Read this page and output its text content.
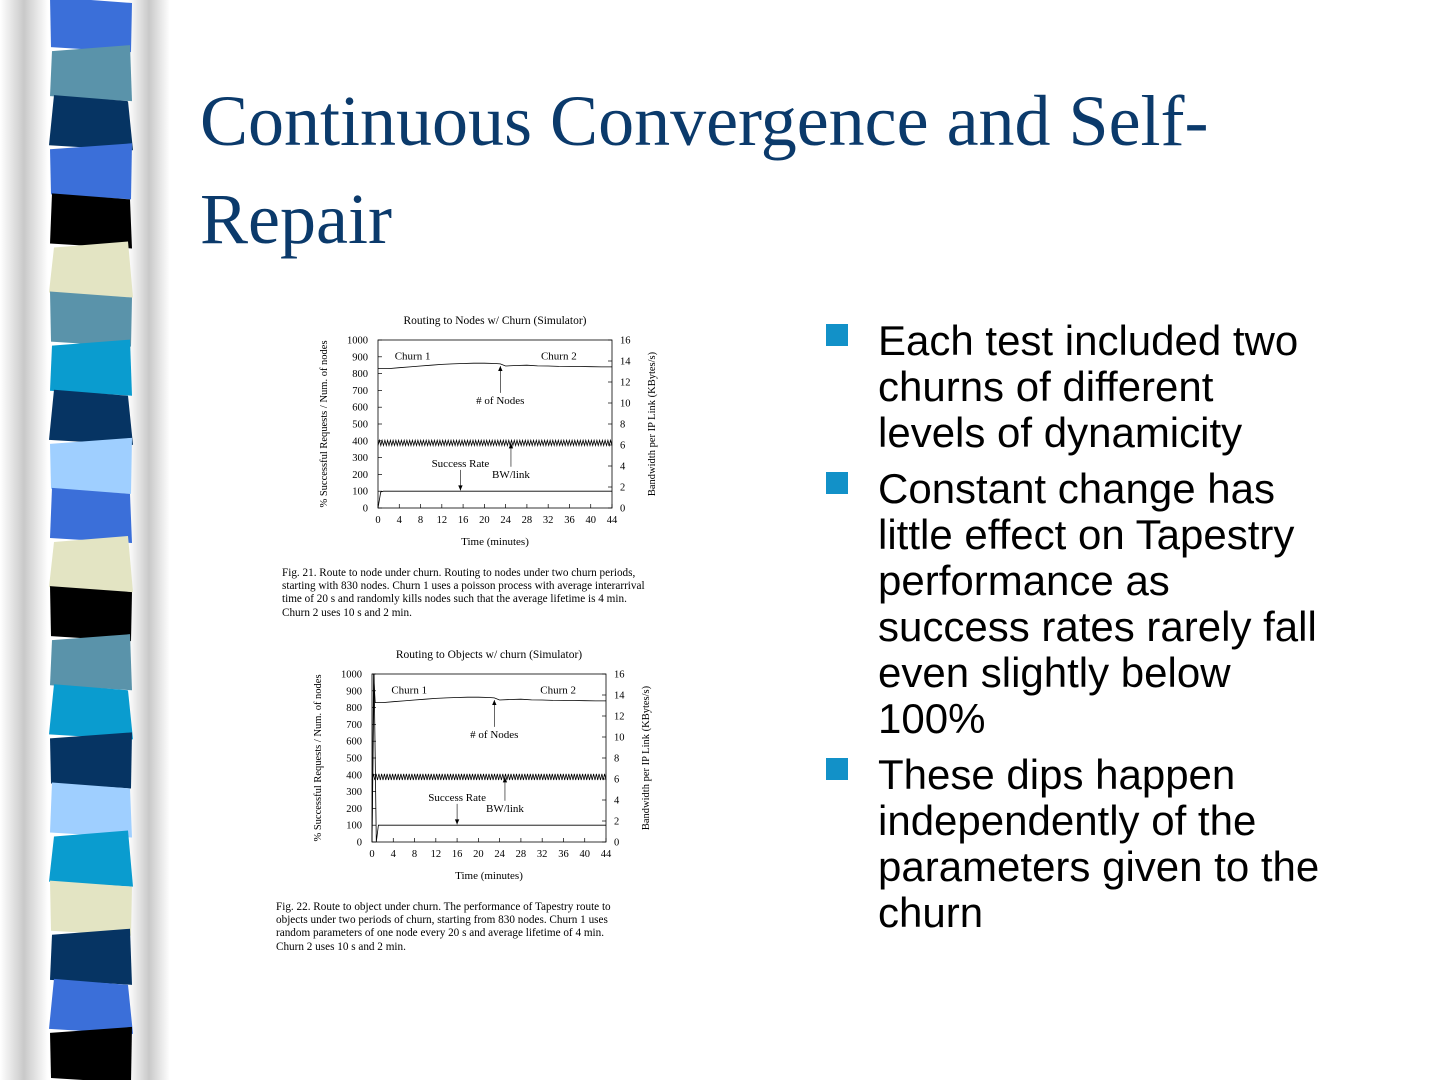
Continuous Convergence and Self-
Repair
Routing to Nodes w/ Churn (Simulator)
0
100
200
300
400
500
600
700
800
900
1000
0
2
4
6
8
10
12
14
16
0 4 8 12 16 20 24 28 32 36 40 44
Time (minutes)
% Successful Requests / Num. of nodes	Bandwidth per IP Link (KBytes/s)
Churn 1	Churn 2
# of Nodes
Success Rate
BW/link
Fig. 21. Route to node under churn. Routing to nodes under two churn periods,
starting with 830 nodes. Churn 1 uses a poisson process with average interarrival
time of 20 s and randomly kills nodes such that the average lifetime is 4 min.
Churn 2 uses 10 s and 2 min.
Routing to Objects w/ churn (Simulator)
0
100
200
300
400
500
600
700
800
900
1000
0
2
4
6
8
10
12
14
16
0 4 8 12 16 20 24 28 32 36 40 44
Time (minutes)
% Successful Requests / Num. of nodes	Bandwidth per IP Link (KBytes/s)
Churn 1	Churn 2
# of Nodes
Success Rate
BW/link
Fig. 22. Route to object under churn. The performance of Tapestry route to
objects under two periods of churn, starting from 830 nodes. Churn 1 uses
random parameters of one node every 20 s and average lifetime of 4 min.
Churn 2 uses 10 s and 2 min.
Each test included two
churns of different
levels of dynamicity
Constant change has
little effect on Tapestry
performance as
success rates rarely fall
even slightly below
100%
These dips happen
independently of the
parameters given to the
churn
